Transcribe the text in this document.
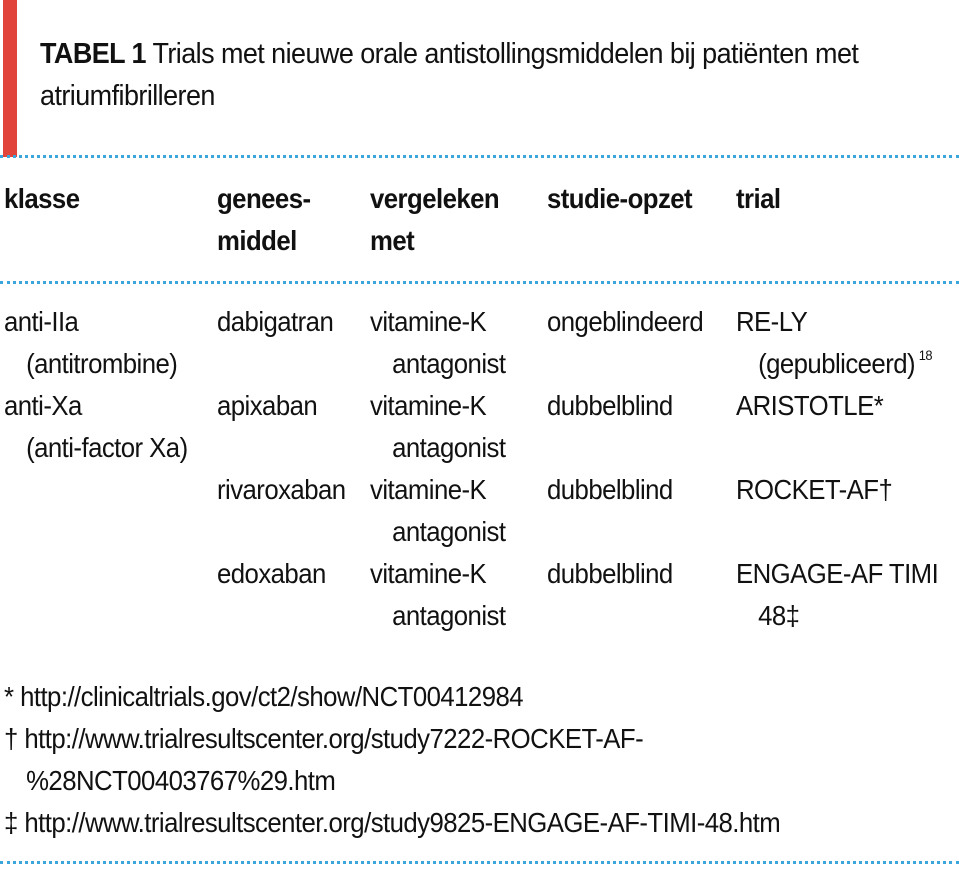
TABEL 1 Trials met nieuwe orale antistollingsmiddelen bij patiënten met atriumfibrilleren
klasse	genees-
middel
vergeleken
met
studie-opzet trial
anti-IIa
(antitrombine)
dabigatran vitamine-K
antagonist
ongeblindeerd RE-LY
(gepubliceerd) $^{18}$
anti-Xa
(anti-factor Xa)
apixaban vitamine-K
antagonist
dubbelblind ARISTOTLE*
rivaroxaban vitamine-K
antagonist
dubbelblind ROCKET-AF†
edoxaban vitamine-K
antagonist
dubbelblind ENGAGE-AF TIMI
48‡
* http://clinicaltrials.gov/ct2/show/NCT00412984
† http://www.trialresultscenter.org/study7222-ROCKET-AF-
%28NCT00403767%29.htm
‡ http://www.trialresultscenter.org/study9825-ENGAGE-AF-TIMI-48.htm
